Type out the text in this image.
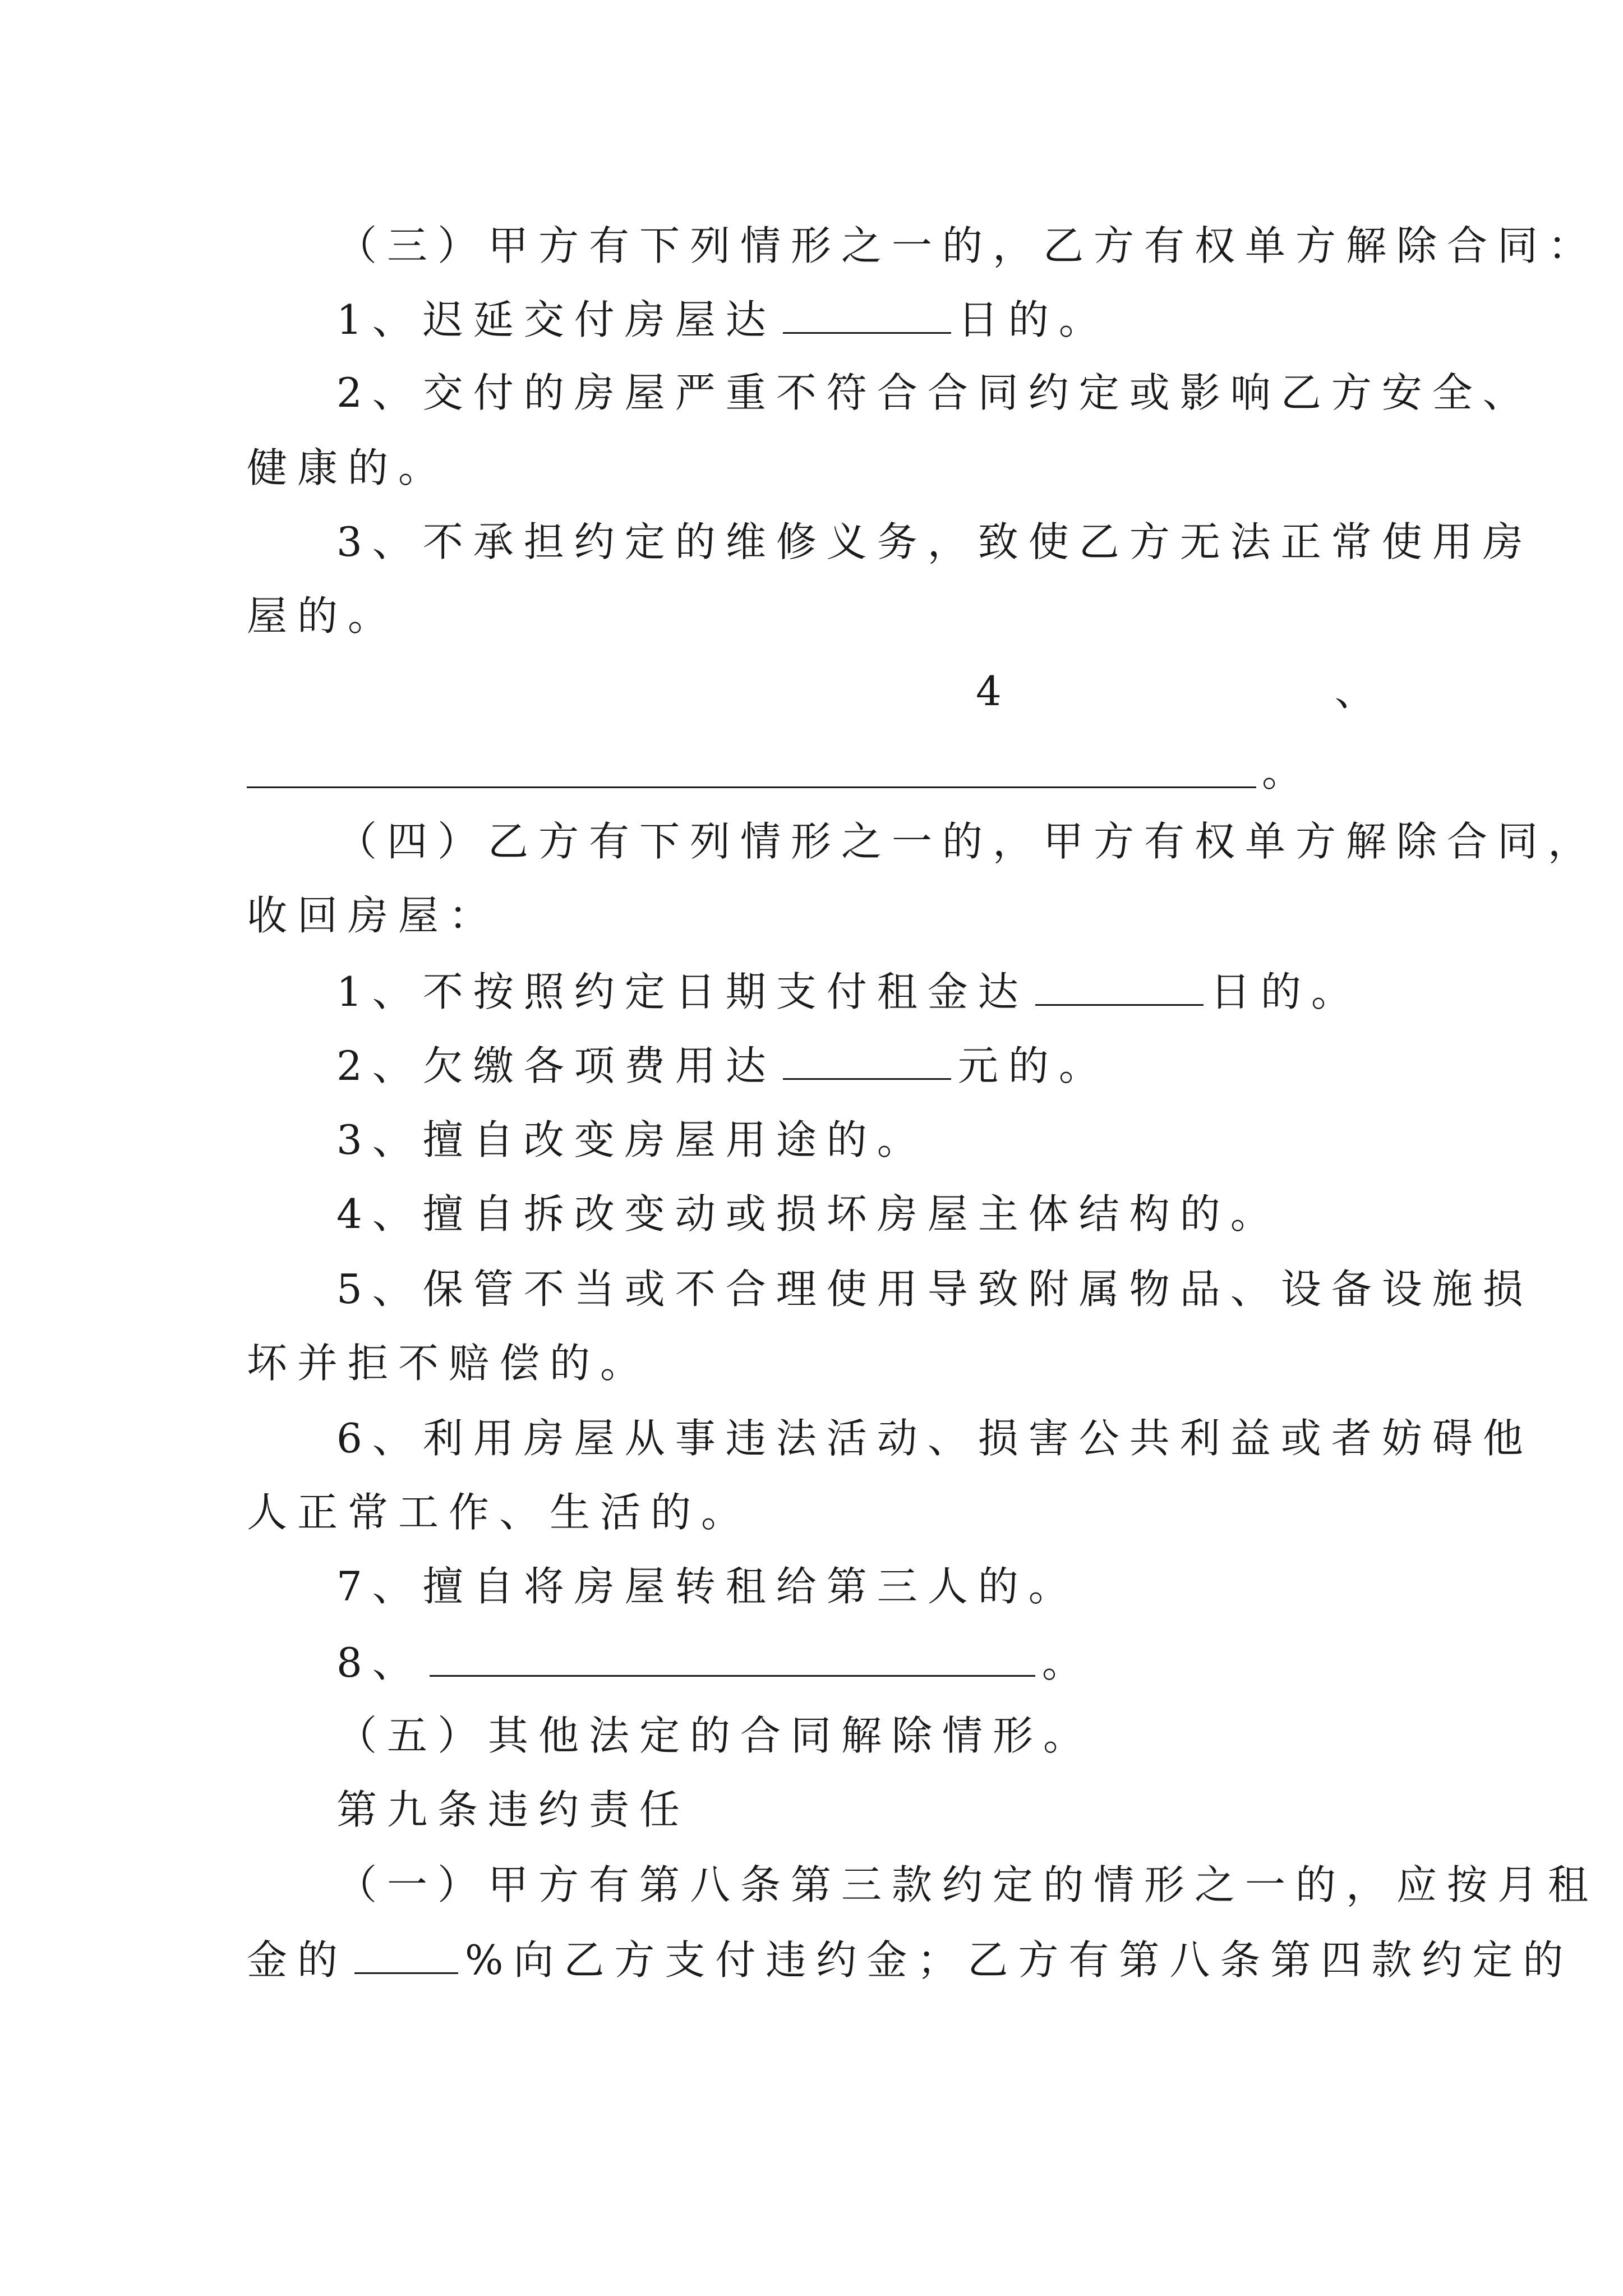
（三）甲方有下列情形之一的，乙方有权单方解除合同：
1、迟延交付房屋达	日的。
2、交付的房屋严重不符合合同约定或影响乙方安全、
健康的。
3、不承担约定的维修义务，致使乙方无法正常使用房
屋的。
4	、
。
（四）乙方有下列情形之一的，甲方有权单方解除合同，
收回房屋：
1、不按照约定日期支付租金达	日的。
2、欠缴各项费用达	元的。
3、擅自改变房屋用途的。
4、擅自拆改变动或损坏房屋主体结构的。
5、保管不当或不合理使用导致附属物品、设备设施损
坏并拒不赔偿的。
6、利用房屋从事违法活动、损害公共利益或者妨碍他
人正常工作、生活的。
7、擅自将房屋转租给第三人的。
8、	。
（五）其他法定的合同解除情形。
第九条违约责任
（一）甲方有第八条第三款约定的情形之一的，应按月租
金的	%向乙方支付违约金；乙方有第八条第四款约定的
